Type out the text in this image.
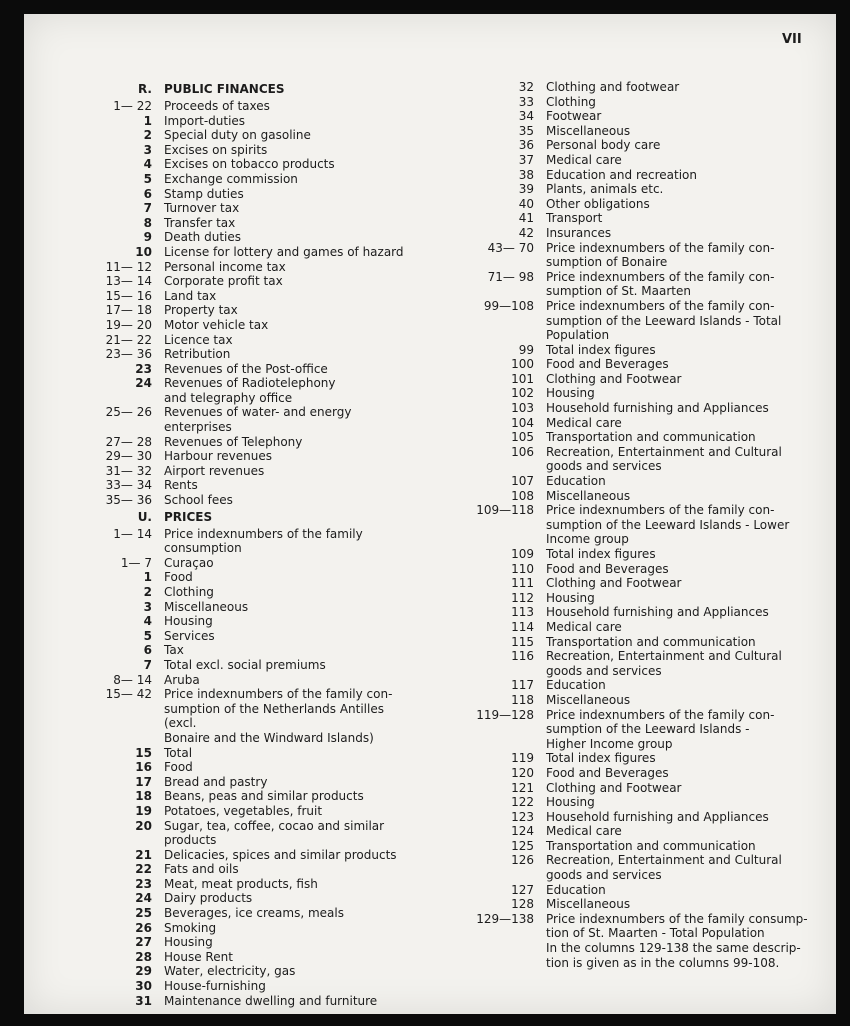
VII
R.	PUBLIC FINANCES
1— 22	Proceeds of taxes
1	Import-duties
2	Special duty on gasoline
3	Excises on spirits
4	Excises on tobacco products
5	Exchange commission
6	Stamp duties
7	Turnover tax
8	Transfer tax
9	Death duties
10	License for lottery and games of hazard
11— 12	Personal income tax
13— 14	Corporate profit tax
15— 16	Land tax
17— 18	Property tax
19— 20	Motor vehicle tax
21— 22	Licence tax
23— 36	Retribution
23	Revenues of the Post-office
24	Revenues of Radiotelephony
and telegraphy office
25— 26	Revenues of water- and energy enterprises
27— 28	Revenues of Telephony
29— 30	Harbour revenues
31— 32	Airport revenues
33— 34	Rents
35— 36	School fees
U.	PRICES
1— 14	Price indexnumbers of the family
consumption
1— 7	Curaçao
1	Food
2	Clothing
3	Miscellaneous
4	Housing
5	Services
6	Tax
7	Total excl. social premiums
8— 14	Aruba
15— 42	Price indexnumbers of the family con-
sumption of the Netherlands Antilles (excl.
Bonaire and the Windward Islands)
15	Total
16	Food
17	Bread and pastry
18	Beans, peas and similar products
19	Potatoes, vegetables, fruit
20	Sugar, tea, coffee, cocao and similar
products
21	Delicacies, spices and similar products
22	Fats and oils
23	Meat, meat products, fish
24	Dairy products
25	Beverages, ice creams, meals
26	Smoking
27	Housing
28	House Rent
29	Water, electricity, gas
30	House-furnishing
31	Maintenance dwelling and furniture
32	Clothing and footwear
33	Clothing
34	Footwear
35	Miscellaneous
36	Personal body care
37	Medical care
38	Education and recreation
39	Plants, animals etc.
40	Other obligations
41	Transport
42	Insurances
43— 70	Price indexnumbers of the family con-
sumption of Bonaire
71— 98	Price indexnumbers of the family con-
sumption of St. Maarten
99—108	Price indexnumbers of the family con-
sumption of the Leeward Islands - Total
Population
99	Total index figures
100	Food and Beverages
101	Clothing and Footwear
102	Housing
103	Household furnishing and Appliances
104	Medical care
105	Transportation and communication
106	Recreation, Entertainment and Cultural
goods and services
107	Education
108	Miscellaneous
109—118	Price indexnumbers of the family con-
sumption of the Leeward Islands - Lower
Income group
109	Total index figures
110	Food and Beverages
111	Clothing and Footwear
112	Housing
113	Household furnishing and Appliances
114	Medical care
115	Transportation and communication
116	Recreation, Entertainment and Cultural
goods and services
117	Education
118	Miscellaneous
119—128	Price indexnumbers of the family con-
sumption of the Leeward Islands -
Higher Income group
119	Total index figures
120	Food and Beverages
121	Clothing and Footwear
122	Housing
123	Household furnishing and Appliances
124	Medical care
125	Transportation and communication
126	Recreation, Entertainment and Cultural
goods and services
127	Education
128	Miscellaneous
129—138	Price indexnumbers of the family consump-
tion of St. Maarten - Total Population
In the columns 129-138 the same descrip-
tion is given as in the columns 99-108.
